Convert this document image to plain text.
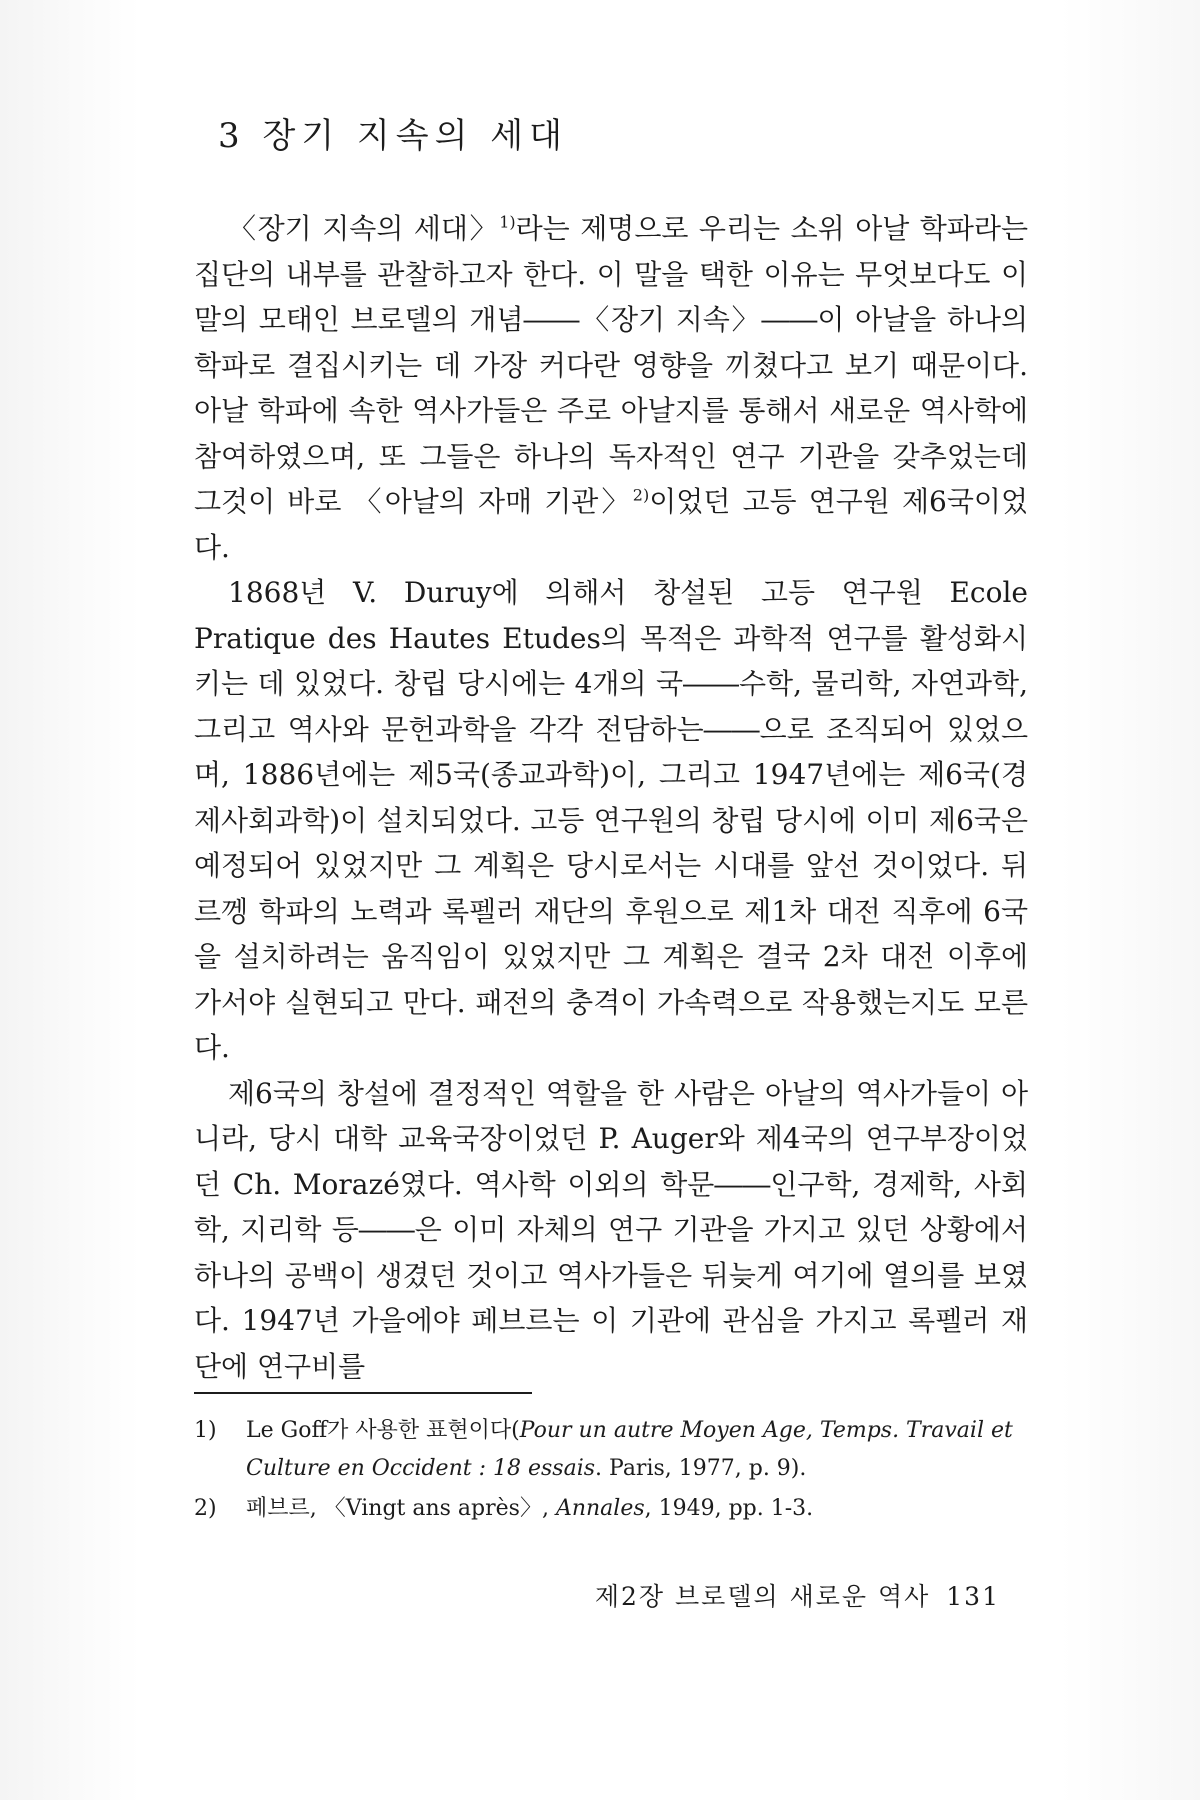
3 장기 지속의 세대

〈장기 지속의 세대〉$^{1)}$라는 제명으로 우리는 소위 아날 학파라는 집단의 내부를 관찰하고자 한다. 이 말을 택한 이유는 무엇보다도 이 말의 모태인 브로델의 개념――〈장기 지속〉――이 아날을 하나의 학파로 결집시키는 데 가장 커다란 영향을 끼쳤다고 보기 때문이다. 아날 학파에 속한 역사가들은 주로 아날지를 통해서 새로운 역사학에 참여하였으며, 또 그들은 하나의 독자적인 연구 기관을 갖추었는데 그것이 바로 〈아날의 자매 기관〉$^{2)}$이었던 고등 연구원 제6국이었다.

1868년 V. Duruy에 의해서 창설된 고등 연구원 Ecole Pratique des Hautes Etudes의 목적은 과학적 연구를 활성화시키는 데 있었다. 창립 당시에는 4개의 국――수학, 물리학, 자연과학, 그리고 역사와 문헌과학을 각각 전담하는――으로 조직되어 있었으며, 1886년에는 제5국(종교과학)이, 그리고 1947년에는 제6국(경제사회과학)이 설치되었다. 고등 연구원의 창립 당시에 이미 제6국은 예정되어 있었지만 그 계획은 당시로서는 시대를 앞선 것이었다. 뒤르껭 학파의 노력과 록펠러 재단의 후원으로 제1차 대전 직후에 6국을 설치하려는 움직임이 있었지만 그 계획은 결국 2차 대전 이후에 가서야 실현되고 만다. 패전의 충격이 가속력으로 작용했는지도 모른다.

제6국의 창설에 결정적인 역할을 한 사람은 아날의 역사가들이 아니라, 당시 대학 교육국장이었던 P. Auger와 제4국의 연구부장이었던 Ch. Morazé였다. 역사학 이외의 학문――인구학, 경제학, 사회학, 지리학 등――은 이미 자체의 연구 기관을 가지고 있던 상황에서 하나의 공백이 생겼던 것이고 역사가들은 뒤늦게 여기에 열의를 보였다. 1947년 가을에야 페브르는 이 기관에 관심을 가지고 록펠러 재단에 연구비를

1) Le Goff가 사용한 표현이다(Pour un autre Moyen Age, Temps. Travail et Culture en Occident : 18 essais. Paris, 1977, p. 9).

2) 페브르, 〈Vingt ans après〉, Annales, 1949, pp. 1-3.

제2장 브로델의 새로운 역사 131
